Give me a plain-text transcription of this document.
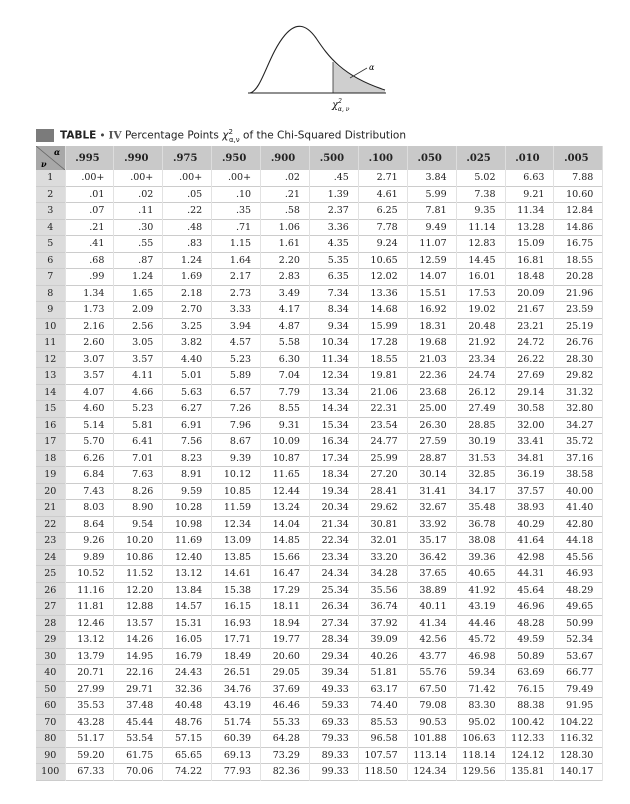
α
$\chi^2$ α, ν
TABLE • IV Percentage Points $\chi^2_{\alpha,\nu}$ of the Chi-Squared Distribution
α
ν	.995	.990	.975	.950	.900	.500	.100	.050	.025	.010	.005
1	.00+	.00+	.00+	.00+	.02	.45	2.71	3.84	5.02	6.63	7.88
2	.01	.02	.05	.10	.21	1.39	4.61	5.99	7.38	9.21	10.60
3	.07	.11	.22	.35	.58	2.37	6.25	7.81	9.35	11.34	12.84
4	.21	.30	.48	.71	1.06	3.36	7.78	9.49	11.14	13.28	14.86
5	.41	.55	.83	1.15	1.61	4.35	9.24	11.07	12.83	15.09	16.75
6	.68	.87	1.24	1.64	2.20	5.35	10.65	12.59	14.45	16.81	18.55
7	.99	1.24	1.69	2.17	2.83	6.35	12.02	14.07	16.01	18.48	20.28
8	1.34	1.65	2.18	2.73	3.49	7.34	13.36	15.51	17.53	20.09	21.96
9	1.73	2.09	2.70	3.33	4.17	8.34	14.68	16.92	19.02	21.67	23.59
10	2.16	2.56	3.25	3.94	4.87	9.34	15.99	18.31	20.48	23.21	25.19
11	2.60	3.05	3.82	4.57	5.58	10.34	17.28	19.68	21.92	24.72	26.76
12	3.07	3.57	4.40	5.23	6.30	11.34	18.55	21.03	23.34	26.22	28.30
13	3.57	4.11	5.01	5.89	7.04	12.34	19.81	22.36	24.74	27.69	29.82
14	4.07	4.66	5.63	6.57	7.79	13.34	21.06	23.68	26.12	29.14	31.32
15	4.60	5.23	6.27	7.26	8.55	14.34	22.31	25.00	27.49	30.58	32.80
16	5.14	5.81	6.91	7.96	9.31	15.34	23.54	26.30	28.85	32.00	34.27
17	5.70	6.41	7.56	8.67	10.09	16.34	24.77	27.59	30.19	33.41	35.72
18	6.26	7.01	8.23	9.39	10.87	17.34	25.99	28.87	31.53	34.81	37.16
19	6.84	7.63	8.91	10.12	11.65	18.34	27.20	30.14	32.85	36.19	38.58
20	7.43	8.26	9.59	10.85	12.44	19.34	28.41	31.41	34.17	37.57	40.00
21	8.03	8.90	10.28	11.59	13.24	20.34	29.62	32.67	35.48	38.93	41.40
22	8.64	9.54	10.98	12.34	14.04	21.34	30.81	33.92	36.78	40.29	42.80
23	9.26	10.20	11.69	13.09	14.85	22.34	32.01	35.17	38.08	41.64	44.18
24	9.89	10.86	12.40	13.85	15.66	23.34	33.20	36.42	39.36	42.98	45.56
25	10.52	11.52	13.12	14.61	16.47	24.34	34.28	37.65	40.65	44.31	46.93
26	11.16	12.20	13.84	15.38	17.29	25.34	35.56	38.89	41.92	45.64	48.29
27	11.81	12.88	14.57	16.15	18.11	26.34	36.74	40.11	43.19	46.96	49.65
28	12.46	13.57	15.31	16.93	18.94	27.34	37.92	41.34	44.46	48.28	50.99
29	13.12	14.26	16.05	17.71	19.77	28.34	39.09	42.56	45.72	49.59	52.34
30	13.79	14.95	16.79	18.49	20.60	29.34	40.26	43.77	46.98	50.89	53.67
40	20.71	22.16	24.43	26.51	29.05	39.34	51.81	55.76	59.34	63.69	66.77
50	27.99	29.71	32.36	34.76	37.69	49.33	63.17	67.50	71.42	76.15	79.49
60	35.53	37.48	40.48	43.19	46.46	59.33	74.40	79.08	83.30	88.38	91.95
70	43.28	45.44	48.76	51.74	55.33	69.33	85.53	90.53	95.02	100.42	104.22
80	51.17	53.54	57.15	60.39	64.28	79.33	96.58	101.88	106.63	112.33	116.32
90	59.20	61.75	65.65	69.13	73.29	89.33	107.57	113.14	118.14	124.12	128.30
100	67.33	70.06	74.22	77.93	82.36	99.33	118.50	124.34	129.56	135.81	140.17
